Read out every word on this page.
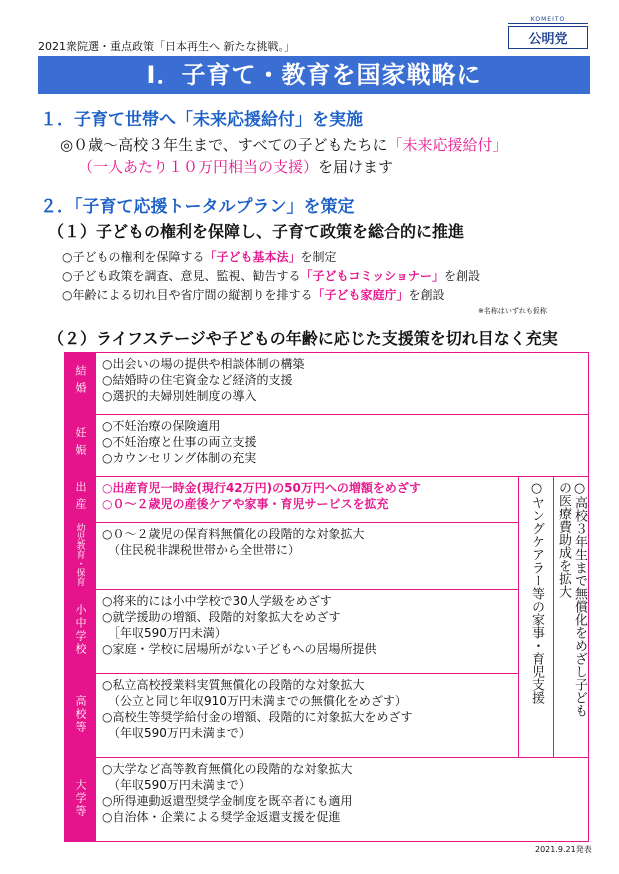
2021衆院選・重点政策「日本再生へ 新たな挑戦。」
KOMEITO
公明党
Ⅰ．子育て・教育を国家戦略に
１．子育て世帯へ「未来応援給付」を実施
◎０歳〜高校３年生まで、すべての子どもたちに「未来応援給付」
（一人あたり１０万円相当の支援）を届けます
２．「子育て応援トータルプラン」を策定
（１）子どもの権利を保障し、子育て政策を総合的に推進
○子どもの権利を保障する「子ども基本法」を制定
○子ども政策を調査、意見、監視、勧告する「子どもコミッショナー」を創設
○年齢による切れ目や省庁間の縦割りを排する「子ども家庭庁」を創設
※名称はいずれも仮称
（２）ライフステージや子どもの年齢に応じた支援策を切れ目なく充実
結婚	○出会いの場の提供や相談体制の構築
○結婚時の住宅資金など経済的支援
○選択的夫婦別姓制度の導入		

妊娠	○不妊治療の保険適用
○不妊治療と仕事の両立支援
○カウンセリング体制の充実		

出産	○出産育児一時金(現行42万円)の50万円への増額をめざす
○０〜２歳児の産後ケアや家事・育児サービスを拡充	○ヤングケアラー等の家事・育児支援	○高校３年生まで無償化をめざし子どもの医療費助成を拡大

幼児教育・保育	○０〜２歳児の保育料無償化の段階的な対象拡大
　（住民税非課税世帯から全世帯に）		

小中学校	○将来的には小中学校で30人学級をめざす
○就学援助の増額、段階的対象拡大をめざす
　［年収590万円未満）
○家庭・学校に居場所がない子どもへの居場所提供		

高校等	○私立高校授業料実質無償化の段階的な対象拡大
　（公立と同じ年収910万円未満までの無償化をめざす）
○高校生等奨学給付金の増額、段階的に対象拡大をめざす
　（年収590万円未満まで）		

大学等	○大学など高等教育無償化の段階的な対象拡大
　（年収590万円未満まで）
○所得連動返還型奨学金制度を既卒者にも適用
○自治体・企業による奨学金返還支援を促進		
2021.9.21発表
